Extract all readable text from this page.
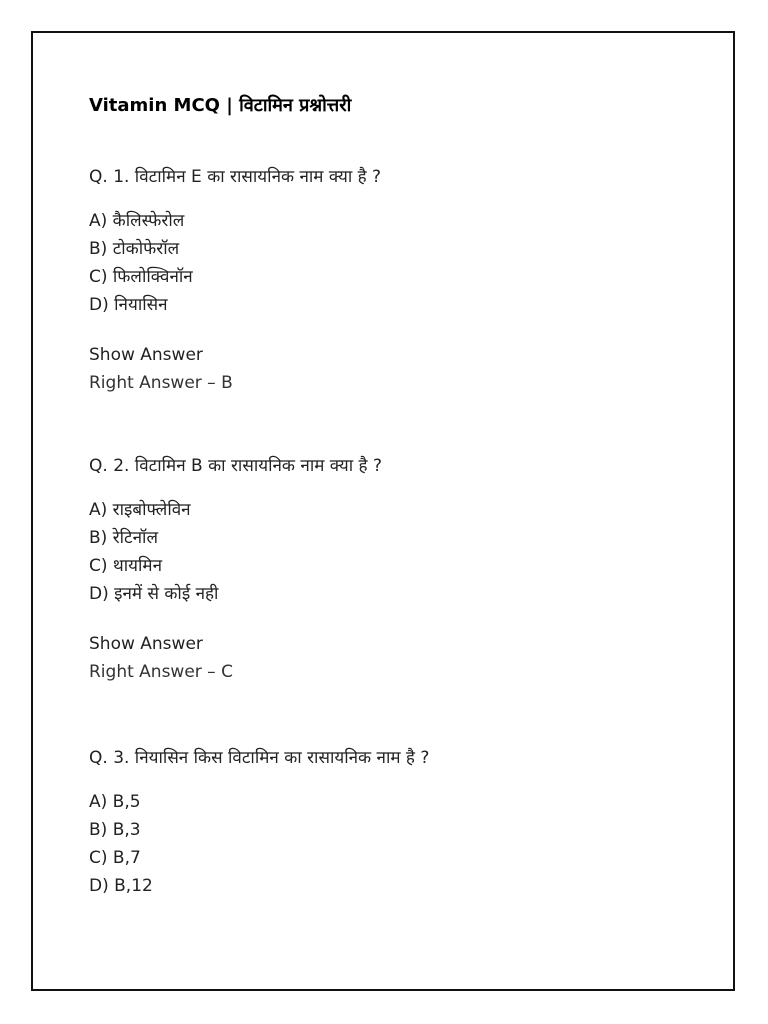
Vitamin MCQ | विटामिन प्रश्नोत्तरी
Q. 1. विटामिन E का रासायनिक नाम क्या है ?
A) कैलिस्फेरोल
B) टोकोफेरॉल
C) फिलोक्विनॉन
D) नियासिन
Show Answer
Right Answer – B
Q. 2. विटामिन B का रासायनिक नाम क्या है ?
A) राइबोफ्लेविन
B) रेटिनॉल
C) थायमिन
D) इनमें से कोई नही
Show Answer
Right Answer – C
Q. 3. नियासिन किस विटामिन का रासायनिक नाम है ?
A) B,5
B) B,3
C) B,7
D) B,12
